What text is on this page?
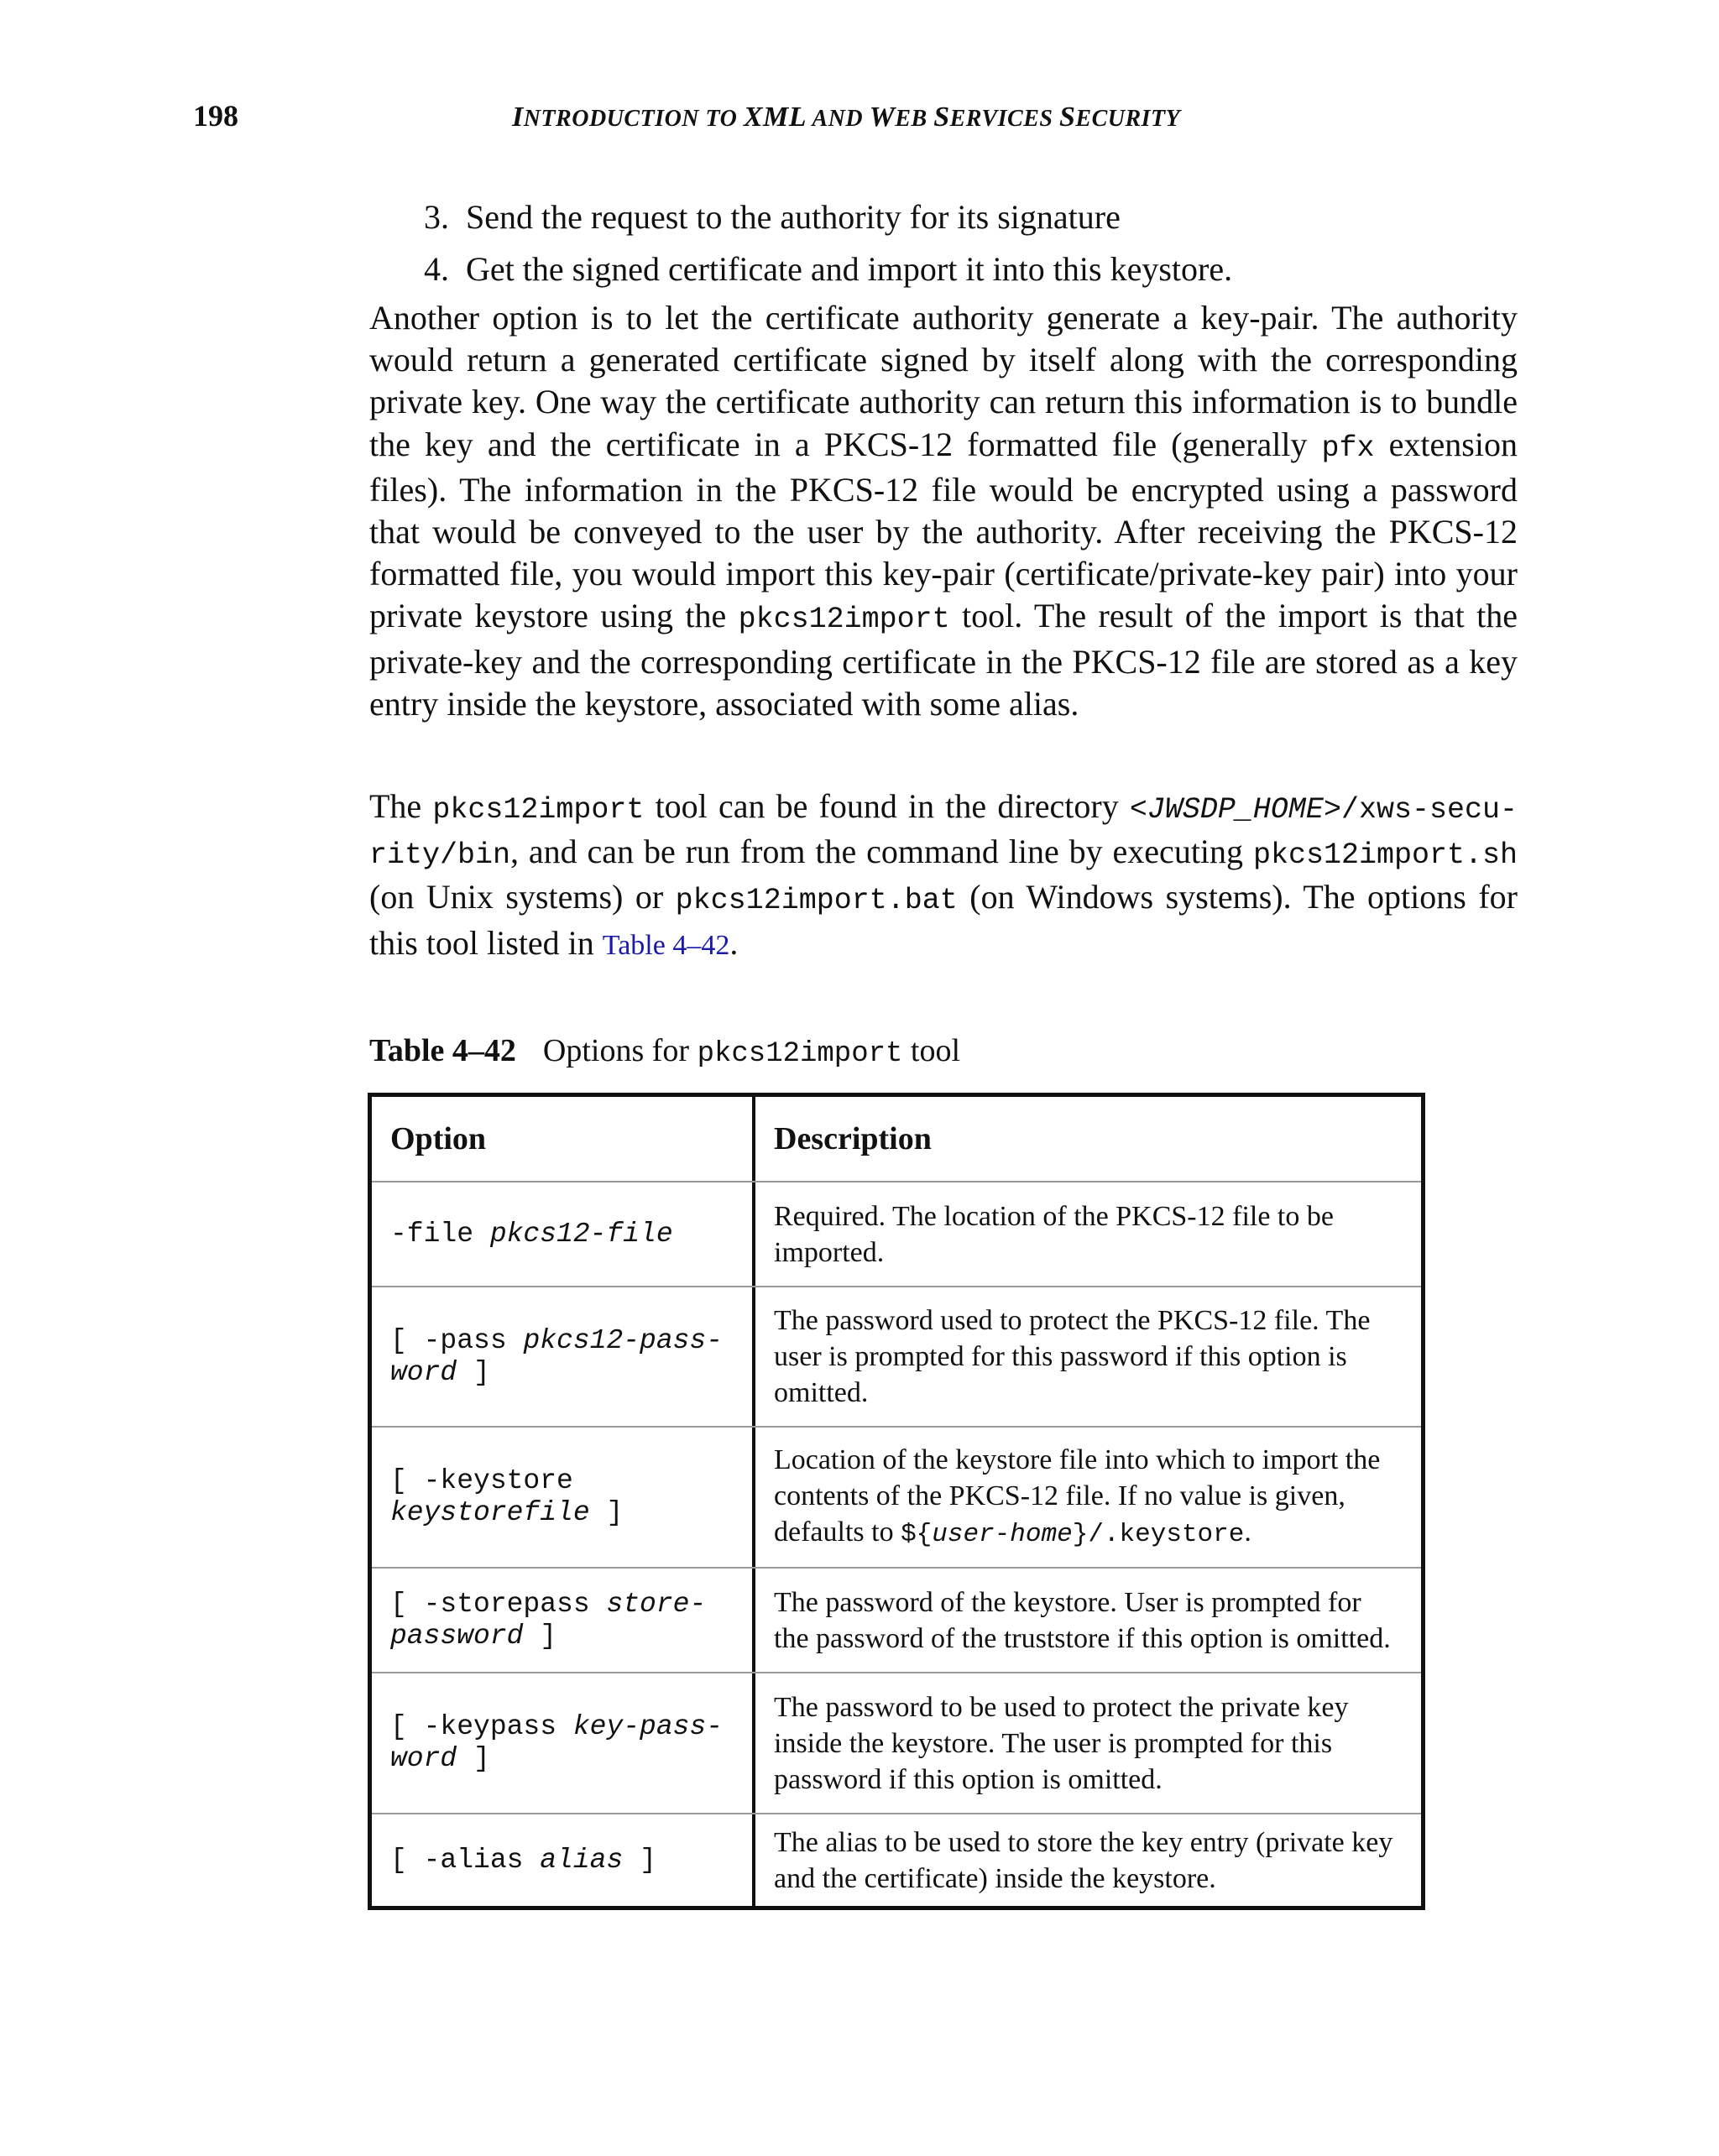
198	INTRODUCTION TO XML AND WEB SERVICES SECURITY
3. Send the request to the authority for its signature
4. Get the signed certificate and import it into this keystore.

Another option is to let the certificate authority generate a key-pair. The authority would return a generated certificate signed by itself along with the corresponding private key. One way the certificate authority can return this information is to bundle the key and the certificate in a PKCS-12 formatted file (generally pfx extension files). The information in the PKCS-12 file would be encrypted using a password that would be conveyed to the user by the authority. After receiving the PKCS-12 formatted file, you would import this key-pair (certificate/private-key pair) into your private keystore using the pkcs12import tool. The result of the import is that the private-key and the corresponding certificate in the PKCS-12 file are stored as a key entry inside the keystore, associated with some alias.

The pkcs12import tool can be found in the directory <JWSDP_HOME>/xws-security/bin, and can be run from the command line by executing pkcs12import.sh (on Unix systems) or pkcs12import.bat (on Windows systems). The options for this tool listed in Table 4–42.

Table 4–42 Options for pkcs12import tool
Option	Description
-file pkcs12-file
Required. The location of the PKCS-12 file to be imported.
[ -pass pkcs12-password ]
The password used to protect the PKCS-12 file. The user is prompted for this password if this option is omitted.
[ -keystore keystorefile ]
Location of the keystore file into which to import the contents of the PKCS-12 file. If no value is given, defaults to ${user-home}/.keystore.
[ -storepass storepassword ]
The password of the keystore. User is prompted for the password of the truststore if this option is omitted.
[ -keypass key-password ]
The password to be used to protect the private key inside the keystore. The user is prompted for this password if this option is omitted.
[ -alias alias ]
The alias to be used to store the key entry (private key and the certificate) inside the keystore.
